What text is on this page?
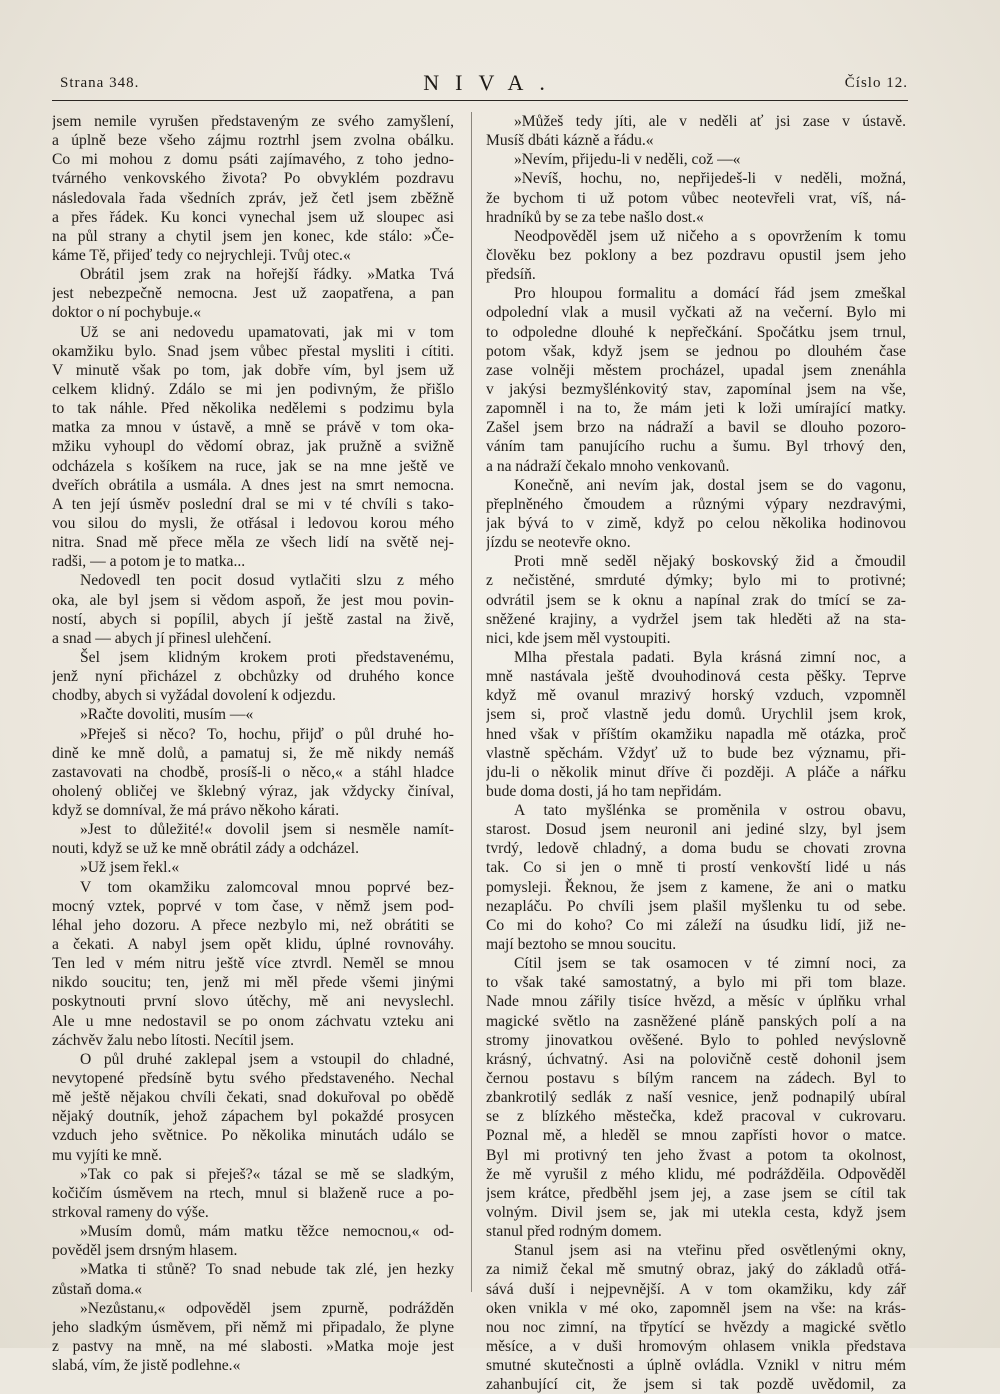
Strana 348.	NIVA.	Číslo 12.
jsem nemile vyrušen představeným ze svého zamyšlení,
a úplně beze všeho zájmu roztrhl jsem zvolna obálku.
Co mi mohou z domu psáti zajímavého, z toho jedno-
tvárného venkovského života? Po obvyklém pozdravu
následovala řada všedních zpráv, jež četl jsem zběžně
a přes řádek. Ku konci vynechal jsem už sloupec asi
na půl strany a chytil jsem jen konec, kde stálo: »Če-
káme Tě, přijeď tedy co nejrychleji. Tvůj otec.«
Obrátil jsem zrak na hořejší řádky. »Matka Tvá
jest nebezpečně nemocna. Jest už zaopatřena, a pan
doktor o ní pochybuje.«
Už se ani nedovedu upamatovati, jak mi v tom
okamžiku bylo. Snad jsem vůbec přestal mysliti i cítiti.
V minutě však po tom, jak dobře vím, byl jsem už
celkem klidný. Zdálo se mi jen podivným, že přišlo
to tak náhle. Před několika nedělemi s podzimu byla
matka za mnou v ústavě, a mně se právě v tom oka-
mžiku vyhoupl do vědomí obraz, jak pružně a svižně
odcházela s košíkem na ruce, jak se na mne ještě ve
dveřích obrátila a usmála. A dnes jest na smrt nemocna.
A ten její úsměv poslední dral se mi v té chvíli s tako-
vou silou do mysli, že otřásal i ledovou korou mého
nitra. Snad mě přece měla ze všech lidí na světě nej-
radši, — a potom je to matka...
Nedovedl ten pocit dosud vytlačiti slzu z mého
oka, ale byl jsem si vědom aspoň, že jest mou povin-
ností, abych si popílil, abych jí ještě zastal na živě,
a snad — abych jí přinesl ulehčení.
Šel jsem klidným krokem proti představenému,
jenž nyní přicházel z obchůzky od druhého konce
chodby, abych si vyžádal dovolení k odjezdu.
»Račte dovoliti, musím —«
»Přeješ si něco? To, hochu, přijď o půl druhé ho-
dině ke mně dolů, a pamatuj si, že mě nikdy nemáš
zastavovati na chodbě, prosíš-li o něco,« a stáhl hladce
oholený obličej ve šklebný výraz, jak vždycky činíval,
když se domníval, že má právo někoho kárati.
»Jest to důležité!« dovolil jsem si nesměle namít-
nouti, když se už ke mně obrátil zády a odcházel.
»Už jsem řekl.«
V tom okamžiku zalomcoval mnou poprvé bez-
mocný vztek, poprvé v tom čase, v němž jsem pod-
léhal jeho dozoru. A přece nezbylo mi, než obrátiti se
a čekati. A nabyl jsem opět klidu, úplné rovnováhy.
Ten led v mém nitru ještě více ztvrdl. Neměl se mnou
nikdo soucitu; ten, jenž mi měl přede všemi jinými
poskytnouti první slovo útěchy, mě ani nevyslechl.
Ale u mne nedostavil se po onom záchvatu vzteku ani
záchvěv žalu nebo lítosti. Necítil jsem.
O půl druhé zaklepal jsem a vstoupil do chladné,
nevytopené předsíně bytu svého představeného. Nechal
mě ještě nějakou chvíli čekati, snad dokuřoval po obědě
nějaký doutník, jehož zápachem byl pokaždé prosycen
vzduch jeho světnice. Po několika minutách událo se
mu vyjíti ke mně.
»Tak co pak si přeješ?« tázal se mě se sladkým,
kočičím úsměvem na rtech, mnul si blaženě ruce a po-
strkoval rameny do výše.
»Musím domů, mám matku těžce nemocnou,« od-
pověděl jsem drsným hlasem.
»Matka ti stůně? To snad nebude tak zlé, jen hezky
zůstaň doma.«
»Nezůstanu,« odpověděl jsem zpurně, podrážděn
jeho sladkým úsměvem, při němž mi připadalo, že plyne
z pastvy na mně, na mé slabosti. »Matka moje jest
slabá, vím, že jistě podlehne.«
»Můžeš tedy jíti, ale v neděli ať jsi zase v ústavě.
Musíš dbáti kázně a řádu.«
»Nevím, přijedu-li v neděli, což —«
»Nevíš, hochu, no, nepřijedeš-li v neděli, možná,
že bychom ti už potom vůbec neotevřeli vrat, víš, ná-
hradníků by se za tebe našlo dost.«
Neodpověděl jsem už ničeho a s opovržením k tomu
člověku bez poklony a bez pozdravu opustil jsem jeho
předsíň.
Pro hloupou formalitu a domácí řád jsem zmeškal
odpolední vlak a musil vyčkati až na večerní. Bylo mi
to odpoledne dlouhé k nepřečkání. Spočátku jsem trnul,
potom však, když jsem se jednou po dlouhém čase
zase volněji městem procházel, upadal jsem znenáhla
v jakýsi bezmyšlénkovitý stav, zapomínal jsem na vše,
zapomněl i na to, že mám jeti k loži umírající matky.
Zašel jsem brzo na nádraží a bavil se dlouho pozoro-
váním tam panujícího ruchu a šumu. Byl trhový den,
a na nádraží čekalo mnoho venkovanů.
Konečně, ani nevím jak, dostal jsem se do vagonu,
přeplněného čmoudem a různými výpary nezdravými,
jak bývá to v zimě, když po celou několika hodinovou
jízdu se neotevře okno.
Proti mně seděl nějaký boskovský žid a čmoudil
z nečistěné, smrduté dýmky; bylo mi to protivné;
odvrátil jsem se k oknu a napínal zrak do tmící se za-
sněžené krajiny, a vydržel jsem tak hleděti až na sta-
nici, kde jsem měl vystoupiti.
Mlha přestala padati. Byla krásná zimní noc, a
mně nastávala ještě dvouhodinová cesta pěšky. Teprve
když mě ovanul mrazivý horský vzduch, vzpomněl
jsem si, proč vlastně jedu domů. Urychlil jsem krok,
hned však v příštím okamžiku napadla mě otázka, proč
vlastně spěchám. Vždyť už to bude bez významu, při-
jdu-li o několik minut dříve či později. A pláče a nářku
bude doma dosti, já ho tam nepřidám.
A tato myšlénka se proměnila v ostrou obavu,
starost. Dosud jsem neuronil ani jediné slzy, byl jsem
tvrdý, ledově chladný, a doma budu se chovati zrovna
tak. Co si jen o mně ti prostí venkovští lidé u nás
pomysleji. Řeknou, že jsem z kamene, že ani o matku
nezapláču. Po chvíli jsem plašil myšlenku tu od sebe.
Co mi do koho? Co mi záleží na úsudku lidí, již ne-
mají beztoho se mnou soucitu.
Cítil jsem se tak osamocen v té zimní noci, za
to však také samostatný, a bylo mi při tom blaze.
Nade mnou zářily tisíce hvězd, a měsíc v úplňku vrhal
magické světlo na zasněžené pláně panských polí a na
stromy jinovatkou ověšené. Bylo to pohled nevýslovně
krásný, úchvatný. Asi na polovičně cestě dohonil jsem
černou postavu s bílým rancem na zádech. Byl to
zbankrotilý sedlák z naší vesnice, jenž podnapilý ubíral
se z blízkého městečka, kdež pracoval v cukrovaru.
Poznal mě, a hleděl se mnou zapřísti hovor o matce.
Byl mi protivný ten jeho žvast a potom ta okolnost,
že mě vyrušil z mého klidu, mé podrážděila. Odpověděl
jsem krátce, předběhl jsem jej, a zase jsem se cítil tak
volným. Divil jsem se, jak mi utekla cesta, když jsem
stanul před rodným domem.
Stanul jsem asi na vteřinu před osvětlenými okny,
za nimiž čekal mě smutný obraz, jaký do základů otřá-
sává duší i nejpevnější. A v tom okamžiku, kdy zář
oken vnikla v mé oko, zapomněl jsem na vše: na krás-
nou noc zimní, na třpytící se hvězdy a magické světlo
měsíce, a v duši hromovým ohlasem vnikla představa
smutné skutečnosti a úplně ovládla. Vznikl v nitru mém
zahanbující cit, že jsem si tak pozdě uvědomil, za
